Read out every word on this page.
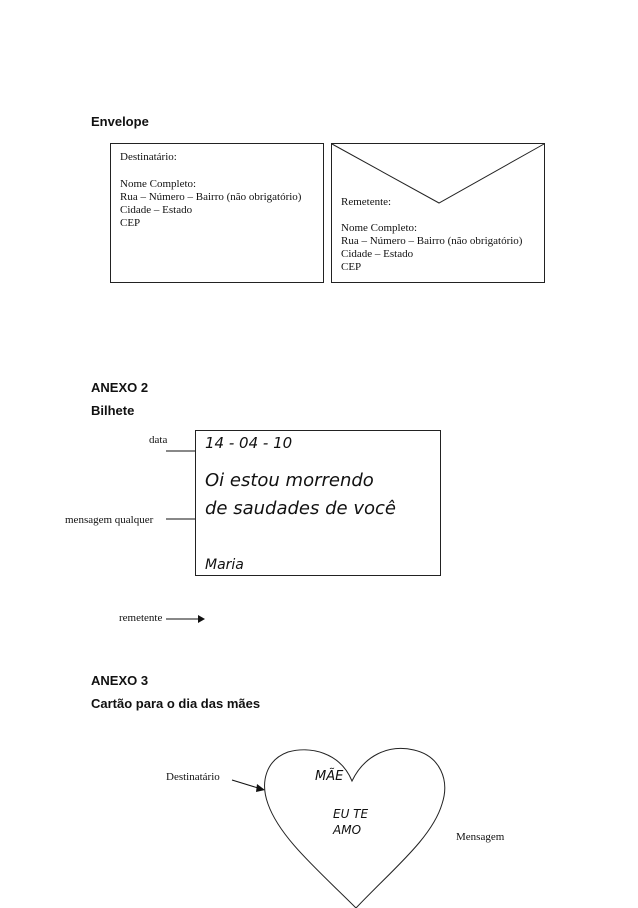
Envelope
Destinatário:
Nome Completo:
Rua – Número – Bairro (não obrigatório)
Cidade – Estado
CEP
Remetente:
Nome Completo:
Rua – Número – Bairro (não obrigatório)
Cidade – Estado
CEP
ANEXO 2
Bilhete
data
mensagem qualquer
remetente
14 - 04 - 10
Oi estou morrendo
de saudades de você
Maria
ANEXO 3
Cartão para o dia das mães
Destinatário
Mensagem
MÃE
EU TE
AMO
